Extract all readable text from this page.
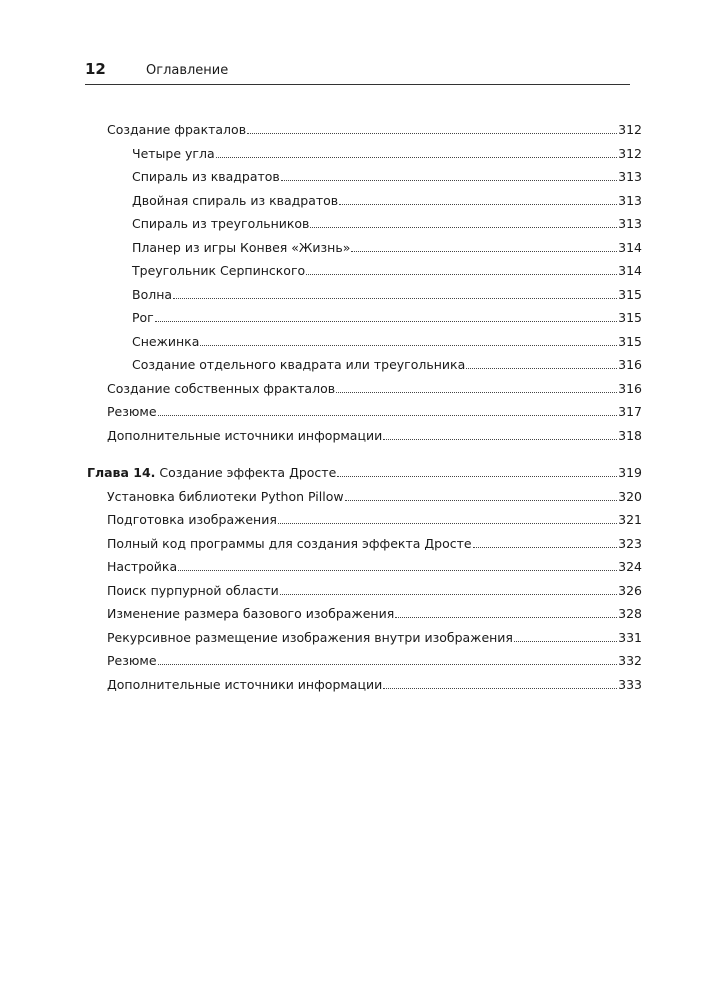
12	Оглавление
Создание фракталов	312
Четыре угла	312
Спираль из квадратов	313
Двойная спираль из квадратов	313
Спираль из треугольников	313
Планер из игры Конвея «Жизнь»	314
Треугольник Серпинского	314
Волна	315
Рог	315
Снежинка	315
Создание отдельного квадрата или треугольника	316
Создание собственных фракталов	316
Резюме	317
Дополнительные источники информации	318
Глава 14. Создание эффекта Дросте	319
Установка библиотеки Python Pillow	320
Подготовка изображения	321
Полный код программы для создания эффекта Дросте	323
Настройка	324
Поиск пурпурной области	326
Изменение размера базового изображения	328
Рекурсивное размещение изображения внутри изображения	331
Резюме	332
Дополнительные источники информации	333
